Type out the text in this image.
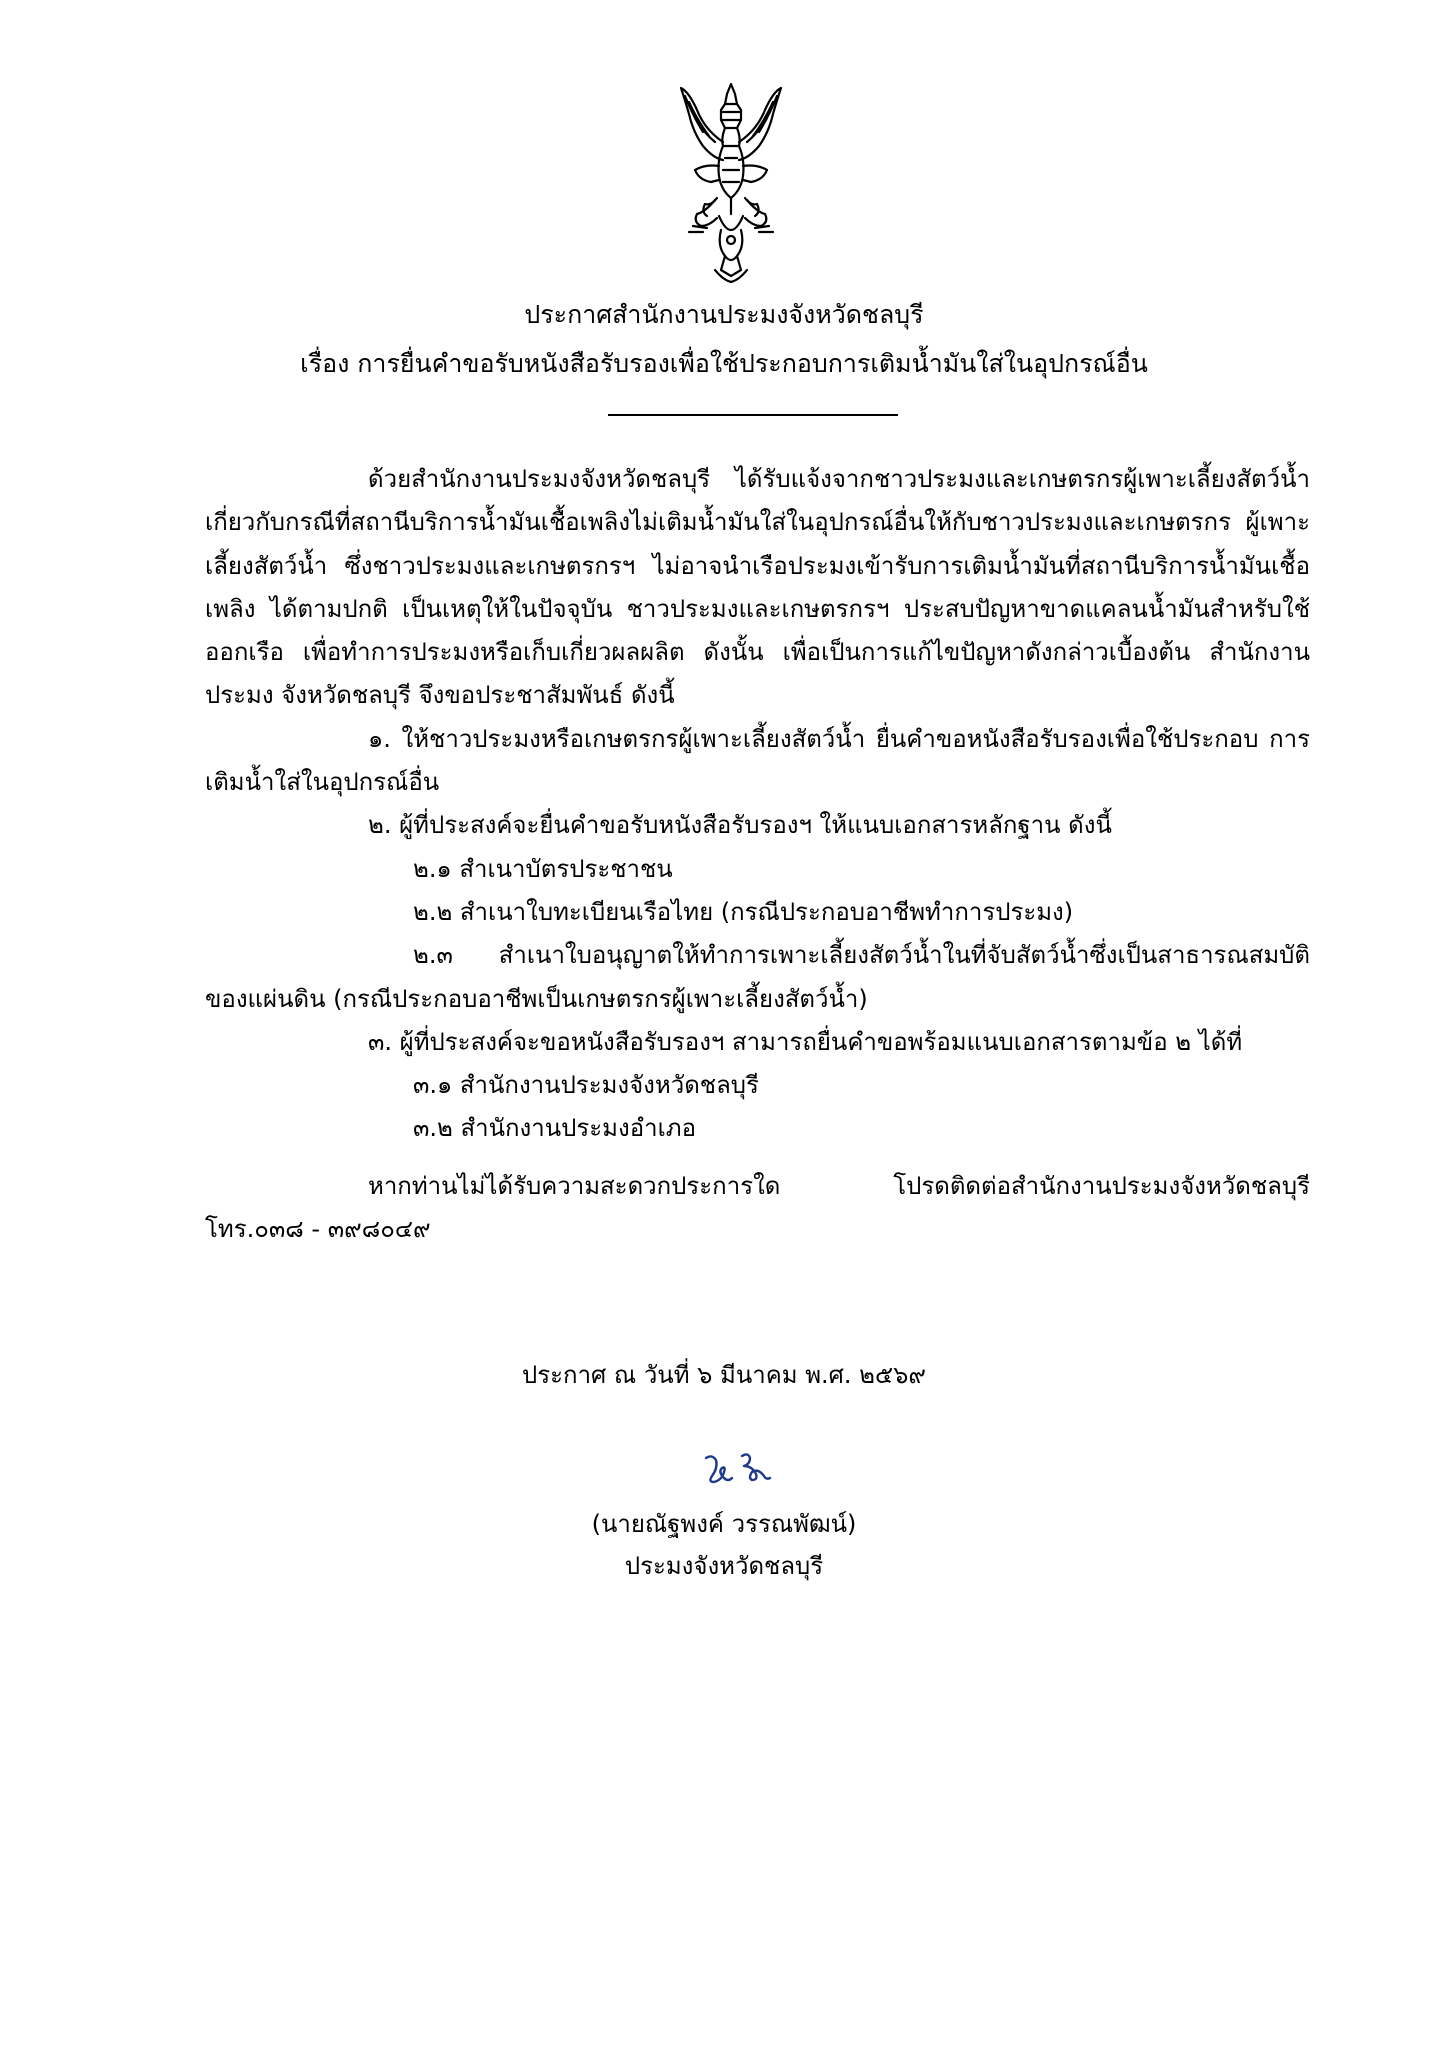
ประกาศสำนักงานประมงจังหวัดชลบุรี
เรื่อง การยื่นคำขอรับหนังสือรับรองเพื่อใช้ประกอบการเติมน้ำมันใส่ในอุปกรณ์อื่น

ด้วยสำนักงานประมงจังหวัดชลบุรี ได้รับแจ้งจากชาวประมงและเกษตรกรผู้เพาะเลี้ยงสัตว์น้ำ เกี่ยวกับกรณีที่สถานีบริการน้ำมันเชื้อเพลิงไม่เติมน้ำมันใส่ในอุปกรณ์อื่นให้กับชาวประมงและเกษตรกร ผู้เพาะเลี้ยงสัตว์น้ำ ซึ่งชาวประมงและเกษตรกรฯ ไม่อาจนำเรือประมงเข้ารับการเติมน้ำมันที่สถานีบริการน้ำมันเชื้อเพลิง ได้ตามปกติ เป็นเหตุให้ในปัจจุบัน ชาวประมงและเกษตรกรฯ ประสบปัญหาขาดแคลนน้ำมันสำหรับใช้ออกเรือ เพื่อทำการประมงหรือเก็บเกี่ยวผลผลิต ดังนั้น เพื่อเป็นการแก้ไขปัญหาดังกล่าวเบื้องต้น สำนักงานประมง จังหวัดชลบุรี จึงขอประชาสัมพันธ์ ดังนี้

๑. ให้ชาวประมงหรือเกษตรกรผู้เพาะเลี้ยงสัตว์น้ำ ยื่นคำขอหนังสือรับรองเพื่อใช้ประกอบ การเติมน้ำใส่ในอุปกรณ์อื่น

๒. ผู้ที่ประสงค์จะยื่นคำขอรับหนังสือรับรองฯ ให้แนบเอกสารหลักฐาน ดังนี้

๒.๑ สำเนาบัตรประชาชน

๒.๒ สำเนาใบทะเบียนเรือไทย (กรณีประกอบอาชีพทำการประมง)

๒.๓ สำเนาใบอนุญาตให้ทำการเพาะเลี้ยงสัตว์น้ำในที่จับสัตว์น้ำซึ่งเป็นสาธารณสมบัติของแผ่นดิน (กรณีประกอบอาชีพเป็นเกษตรกรผู้เพาะเลี้ยงสัตว์น้ำ)

๓. ผู้ที่ประสงค์จะขอหนังสือรับรองฯ สามารถยื่นคำขอพร้อมแนบเอกสารตามข้อ ๒ ได้ที่

๓.๑ สำนักงานประมงจังหวัดชลบุรี

๓.๒ สำนักงานประมงอำเภอ

หากท่านไม่ได้รับความสะดวกประการใด โปรดติดต่อสำนักงานประมงจังหวัดชลบุรี โทร.๐๓๘ - ๓๙๘๐๔๙

ประกาศ ณ วันที่ ๖ มีนาคม พ.ศ. ๒๕๖๙
(นายณัฐพงค์ วรรณพัฒน์)
ประมงจังหวัดชลบุรี
